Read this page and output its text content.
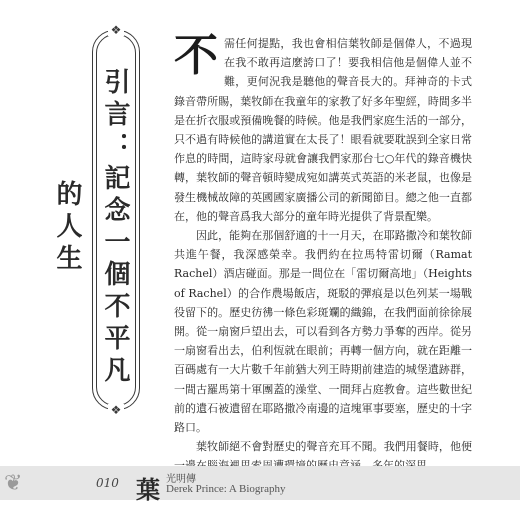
❖
引言：記念一個不平凡的人生
❖

不需任何提點，我也會相信葉牧師是個偉人，不過現在我不敢再這麼誇口了！要我相信他是個偉人並不難，更何況我是聽他的聲音長大的。拜神奇的卡式錄音帶所賜，葉牧師在我童年的家教了好多年聖經，時間多半是在折衣服或預備晚餐的時候。他是我們家庭生活的一部分，只不過有時候他的講道實在太長了！眼看就要耽誤到全家日常作息的時間，這時家母就會讓我們家那台七○年代的錄音機快轉，葉牧師的聲音頓時變成宛如講英式英語的米老鼠，也像是發生機械故障的英國國家廣播公司的新聞節目。總之他一直都在，他的聲音爲我大部分的童年時光提供了背景配樂。

因此，能夠在那個舒適的十一月天，在耶路撒冷和葉牧師共進午餐，我深感榮幸。我們約在拉馬特雷切爾（Ramat Rachel）酒店碰面。那是一間位在「雷切爾高地」（Heights of Rachel）的合作農場飯店，斑駁的彈痕是以色列某一場戰役留下的。歷史彷彿一條色彩斑斕的織錦，在我們面前徐徐展開。從一扇窗戶望出去，可以看到各方勢力爭奪的西岸。從另一扇窗看出去，伯利恆就在眼前；再轉一個方向，就在距離一百碼處有一大片數千年前猶大列王時期前建造的城堡遺跡群，一間古羅馬第十軍團蓋的澡堂、一間拜占庭教會。這些數世紀前的遺石被遺留在耶路撒冷南邊的這塊軍事要塞，歷史的十字路口。

葉牧師絕不會對歷史的聲音充耳不聞。我們用餐時，他便

❦	010 葉 光明傳
Derek Prince: A Biography
